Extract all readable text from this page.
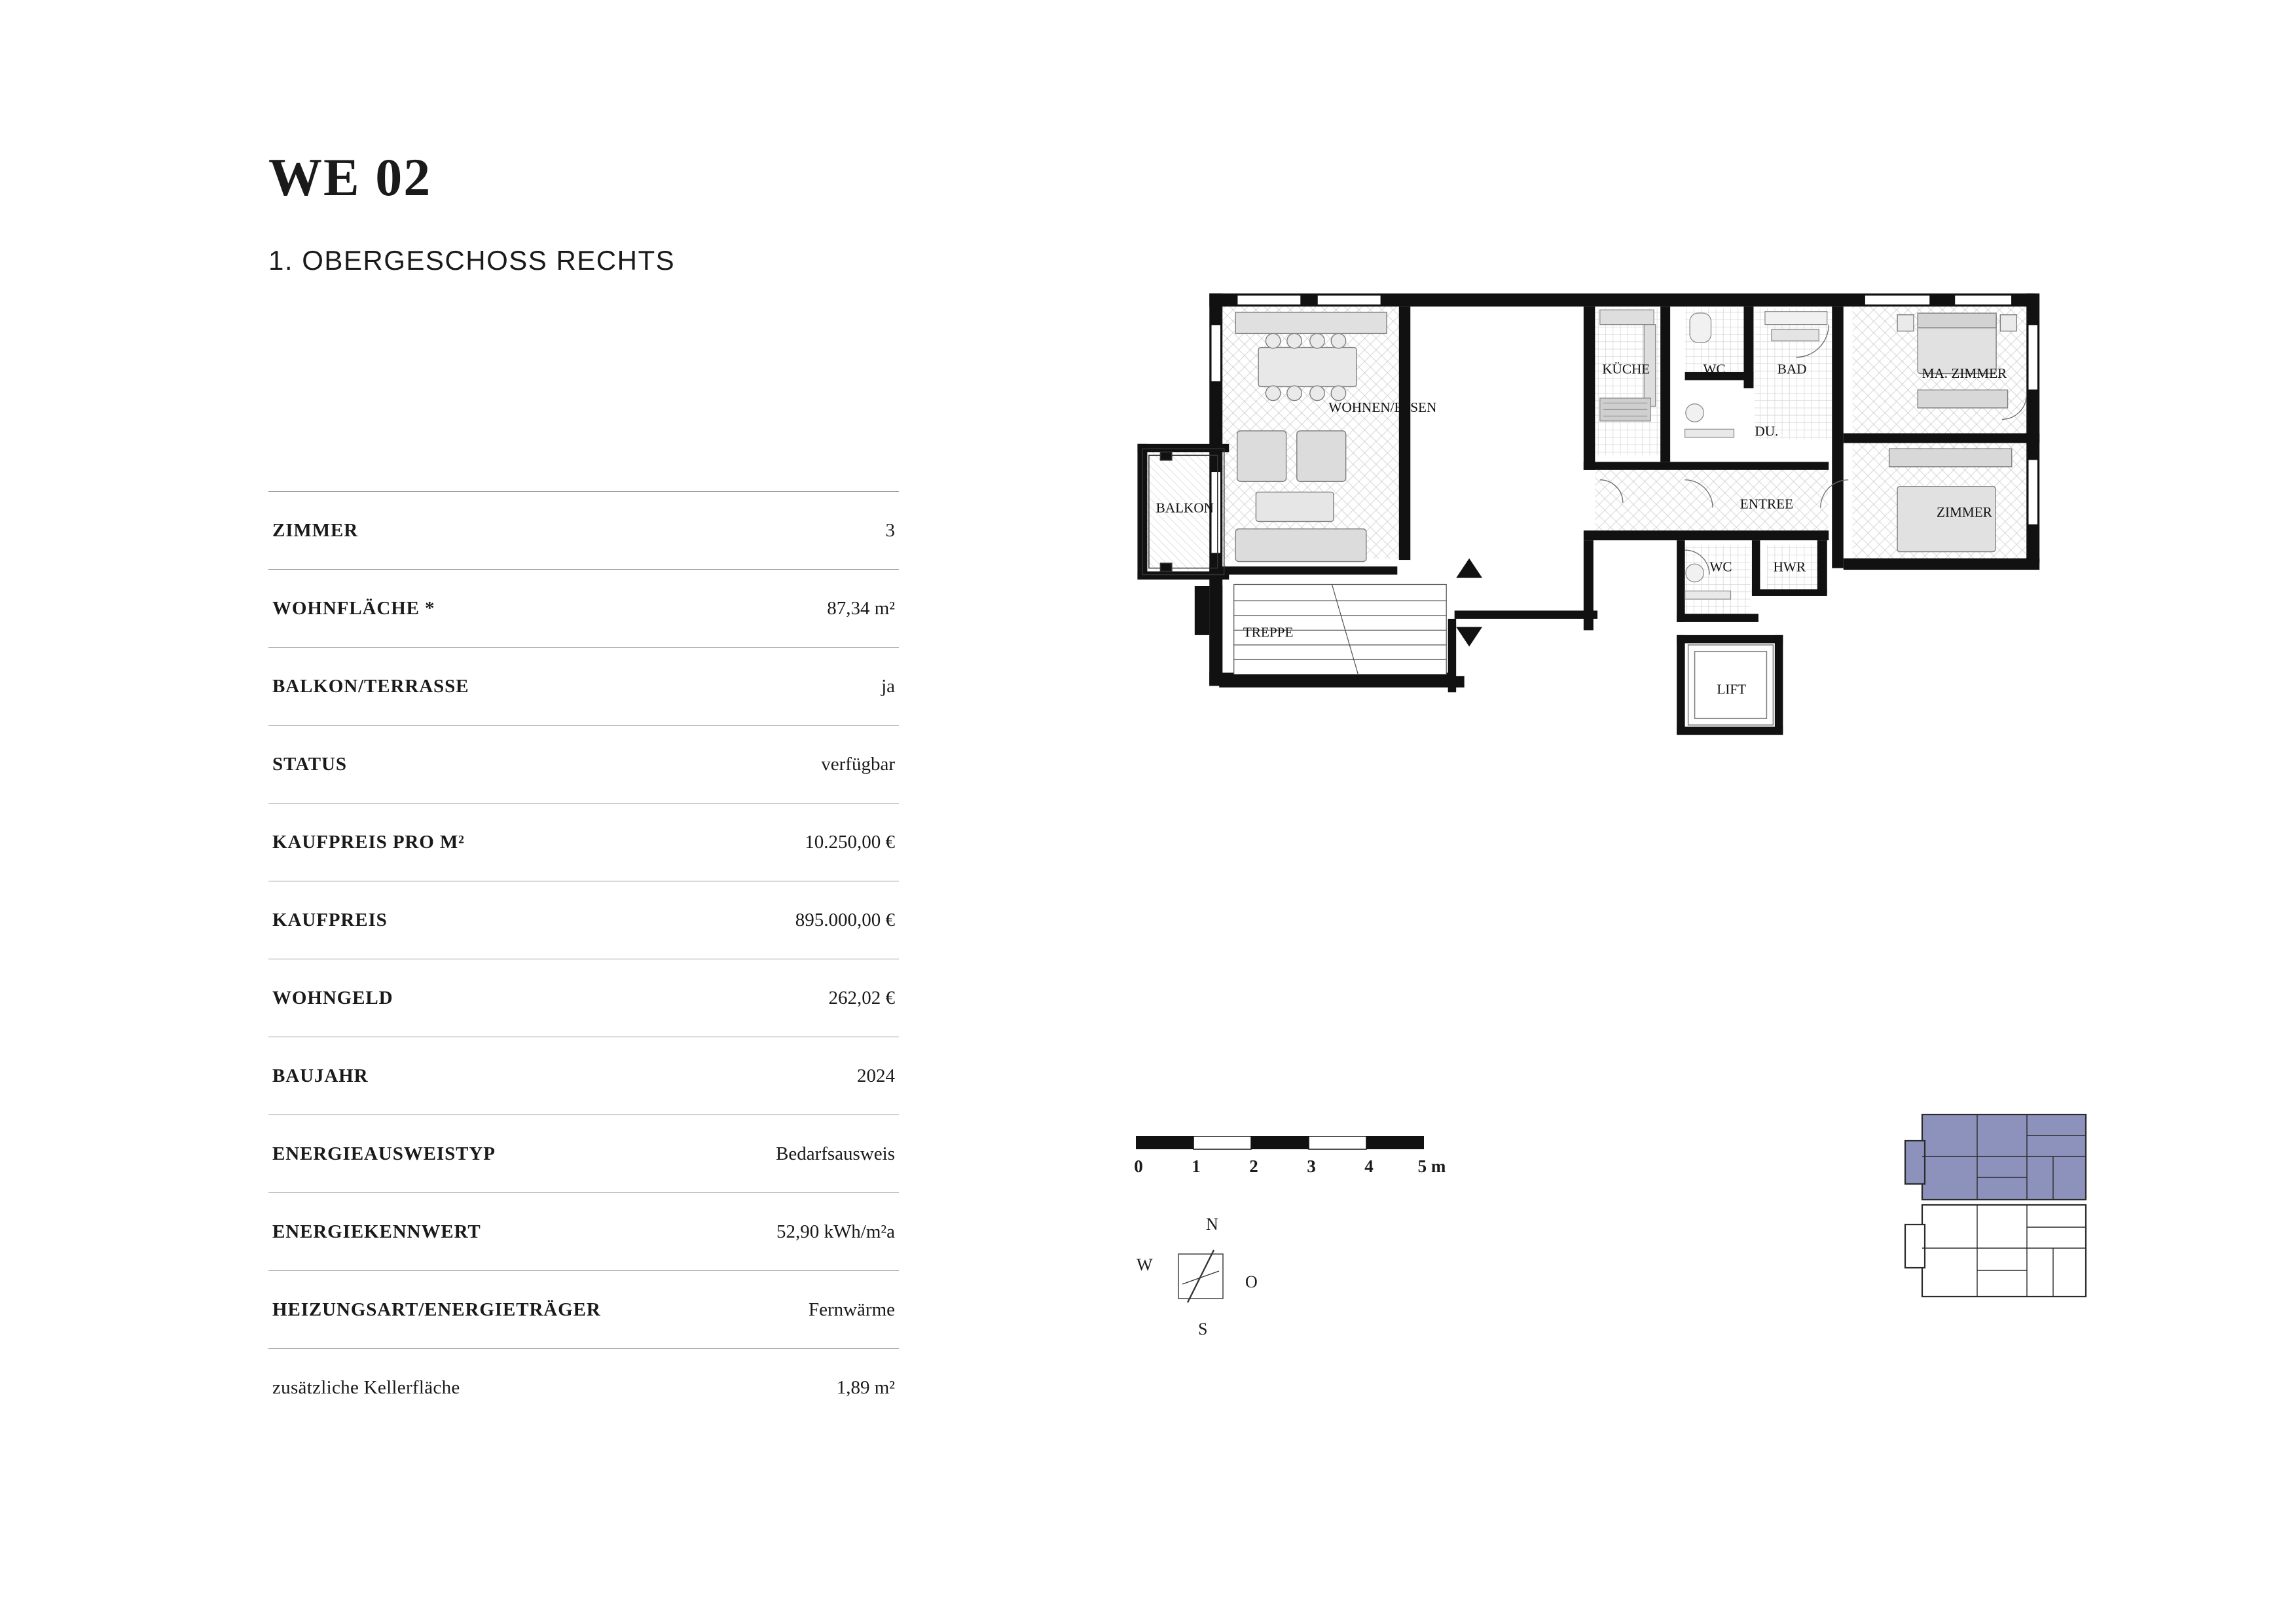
WE 02
1. OBERGESCHOSS RECHTS
ZIMMER	3
WOHNFLÄCHE *	87,34 m²
BALKON/TERRASSE	ja
STATUS	verfügbar
KAUFPREIS PRO M²	10.250,00 €
KAUFPREIS	895.000,00 €
WOHNGELD	262,02 €
BAUJAHR	2024
ENERGIEAUSWEISTYP	Bedarfsausweis
ENERGIEKENNWERT	52,90 kWh/m²a
HEIZUNGSART/ENERGIETRÄGER	Fernwärme
zusätzliche Kellerfläche	1,89 m²
WOHNEN/ESSEN
KÜCHE	WC	BAD
DU.
MA. ZIMMER
ENTREE
ZIMMER
WC	HWR
BALKON
TREPPE
LIFT
0	1	2	3	4	5 m
N
O
S
W
